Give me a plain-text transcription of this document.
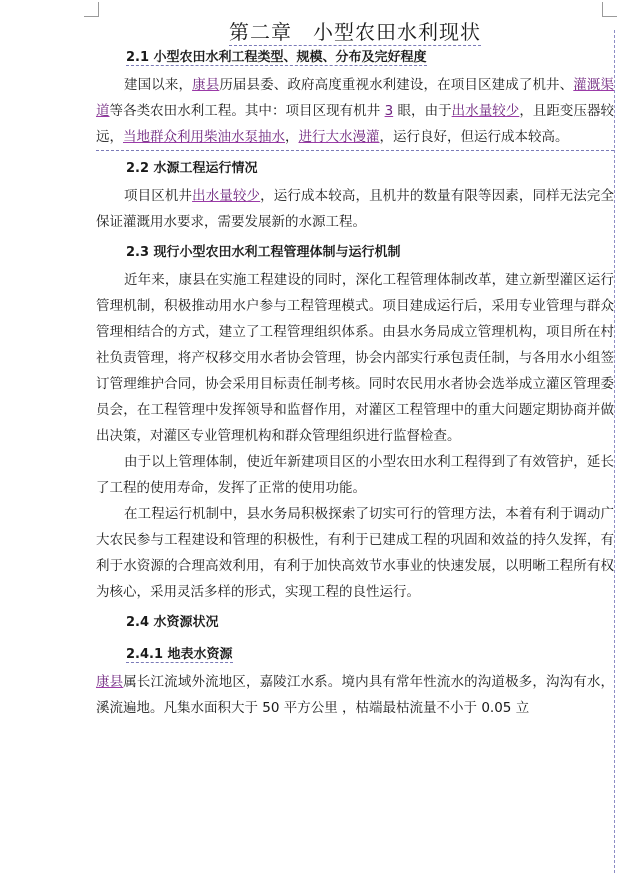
第二章　小型农田水利现状
2.1 小型农田水利工程类型、规模、分布及完好程度

建国以来，康县历届县委、政府高度重视水利建设，在项目区建成了机井、灌溉渠道等各类农田水利工程。其中：项目区现有机井 3 眼，由于出水量较少，且距变压器较远，当地群众利用柴油水泵抽水，进行大水漫灌，运行良好，但运行成本较高。

2.2 水源工程运行情况

项目区机井出水量较少，运行成本较高，且机井的数量有限等因素，同样无法完全保证灌溉用水要求，需要发展新的水源工程。

2.3 现行小型农田水利工程管理体制与运行机制

近年来，康县在实施工程建设的同时，深化工程管理体制改革，建立新型灌区运行管理机制，积极推动用水户参与工程管理模式。项目建成运行后，采用专业管理与群众管理相结合的方式，建立了工程管理组织体系。由县水务局成立管理机构，项目所在村社负责管理，将产权移交用水者协会管理，协会内部实行承包责任制，与各用水小组签订管理维护合同，协会采用目标责任制考核。同时农民用水者协会选举成立灌区管理委员会，在工程管理中发挥领导和监督作用，对灌区工程管理中的重大问题定期协商并做出决策，对灌区专业管理机构和群众管理组织进行监督检查。

由于以上管理体制，使近年新建项目区的小型农田水利工程得到了有效管护，延长了工程的使用寿命，发挥了正常的使用功能。

在工程运行机制中，县水务局积极探索了切实可行的管理方法，本着有利于调动广大农民参与工程建设和管理的积极性，有利于已建成工程的巩固和效益的持久发挥，有利于水资源的合理高效利用，有利于加快高效节水事业的快速发展，以明晰工程所有权为核心，采用灵活多样的形式，实现工程的良性运行。

2.4 水资源状况
2.4.1 地表水资源

康县属长江流域外流地区，嘉陵江水系。境内具有常年性流水的沟道极多，沟沟有水，溪流遍地。凡集水面积大于 50 平方公里 ，枯端最枯流量不小于 0.05 立
